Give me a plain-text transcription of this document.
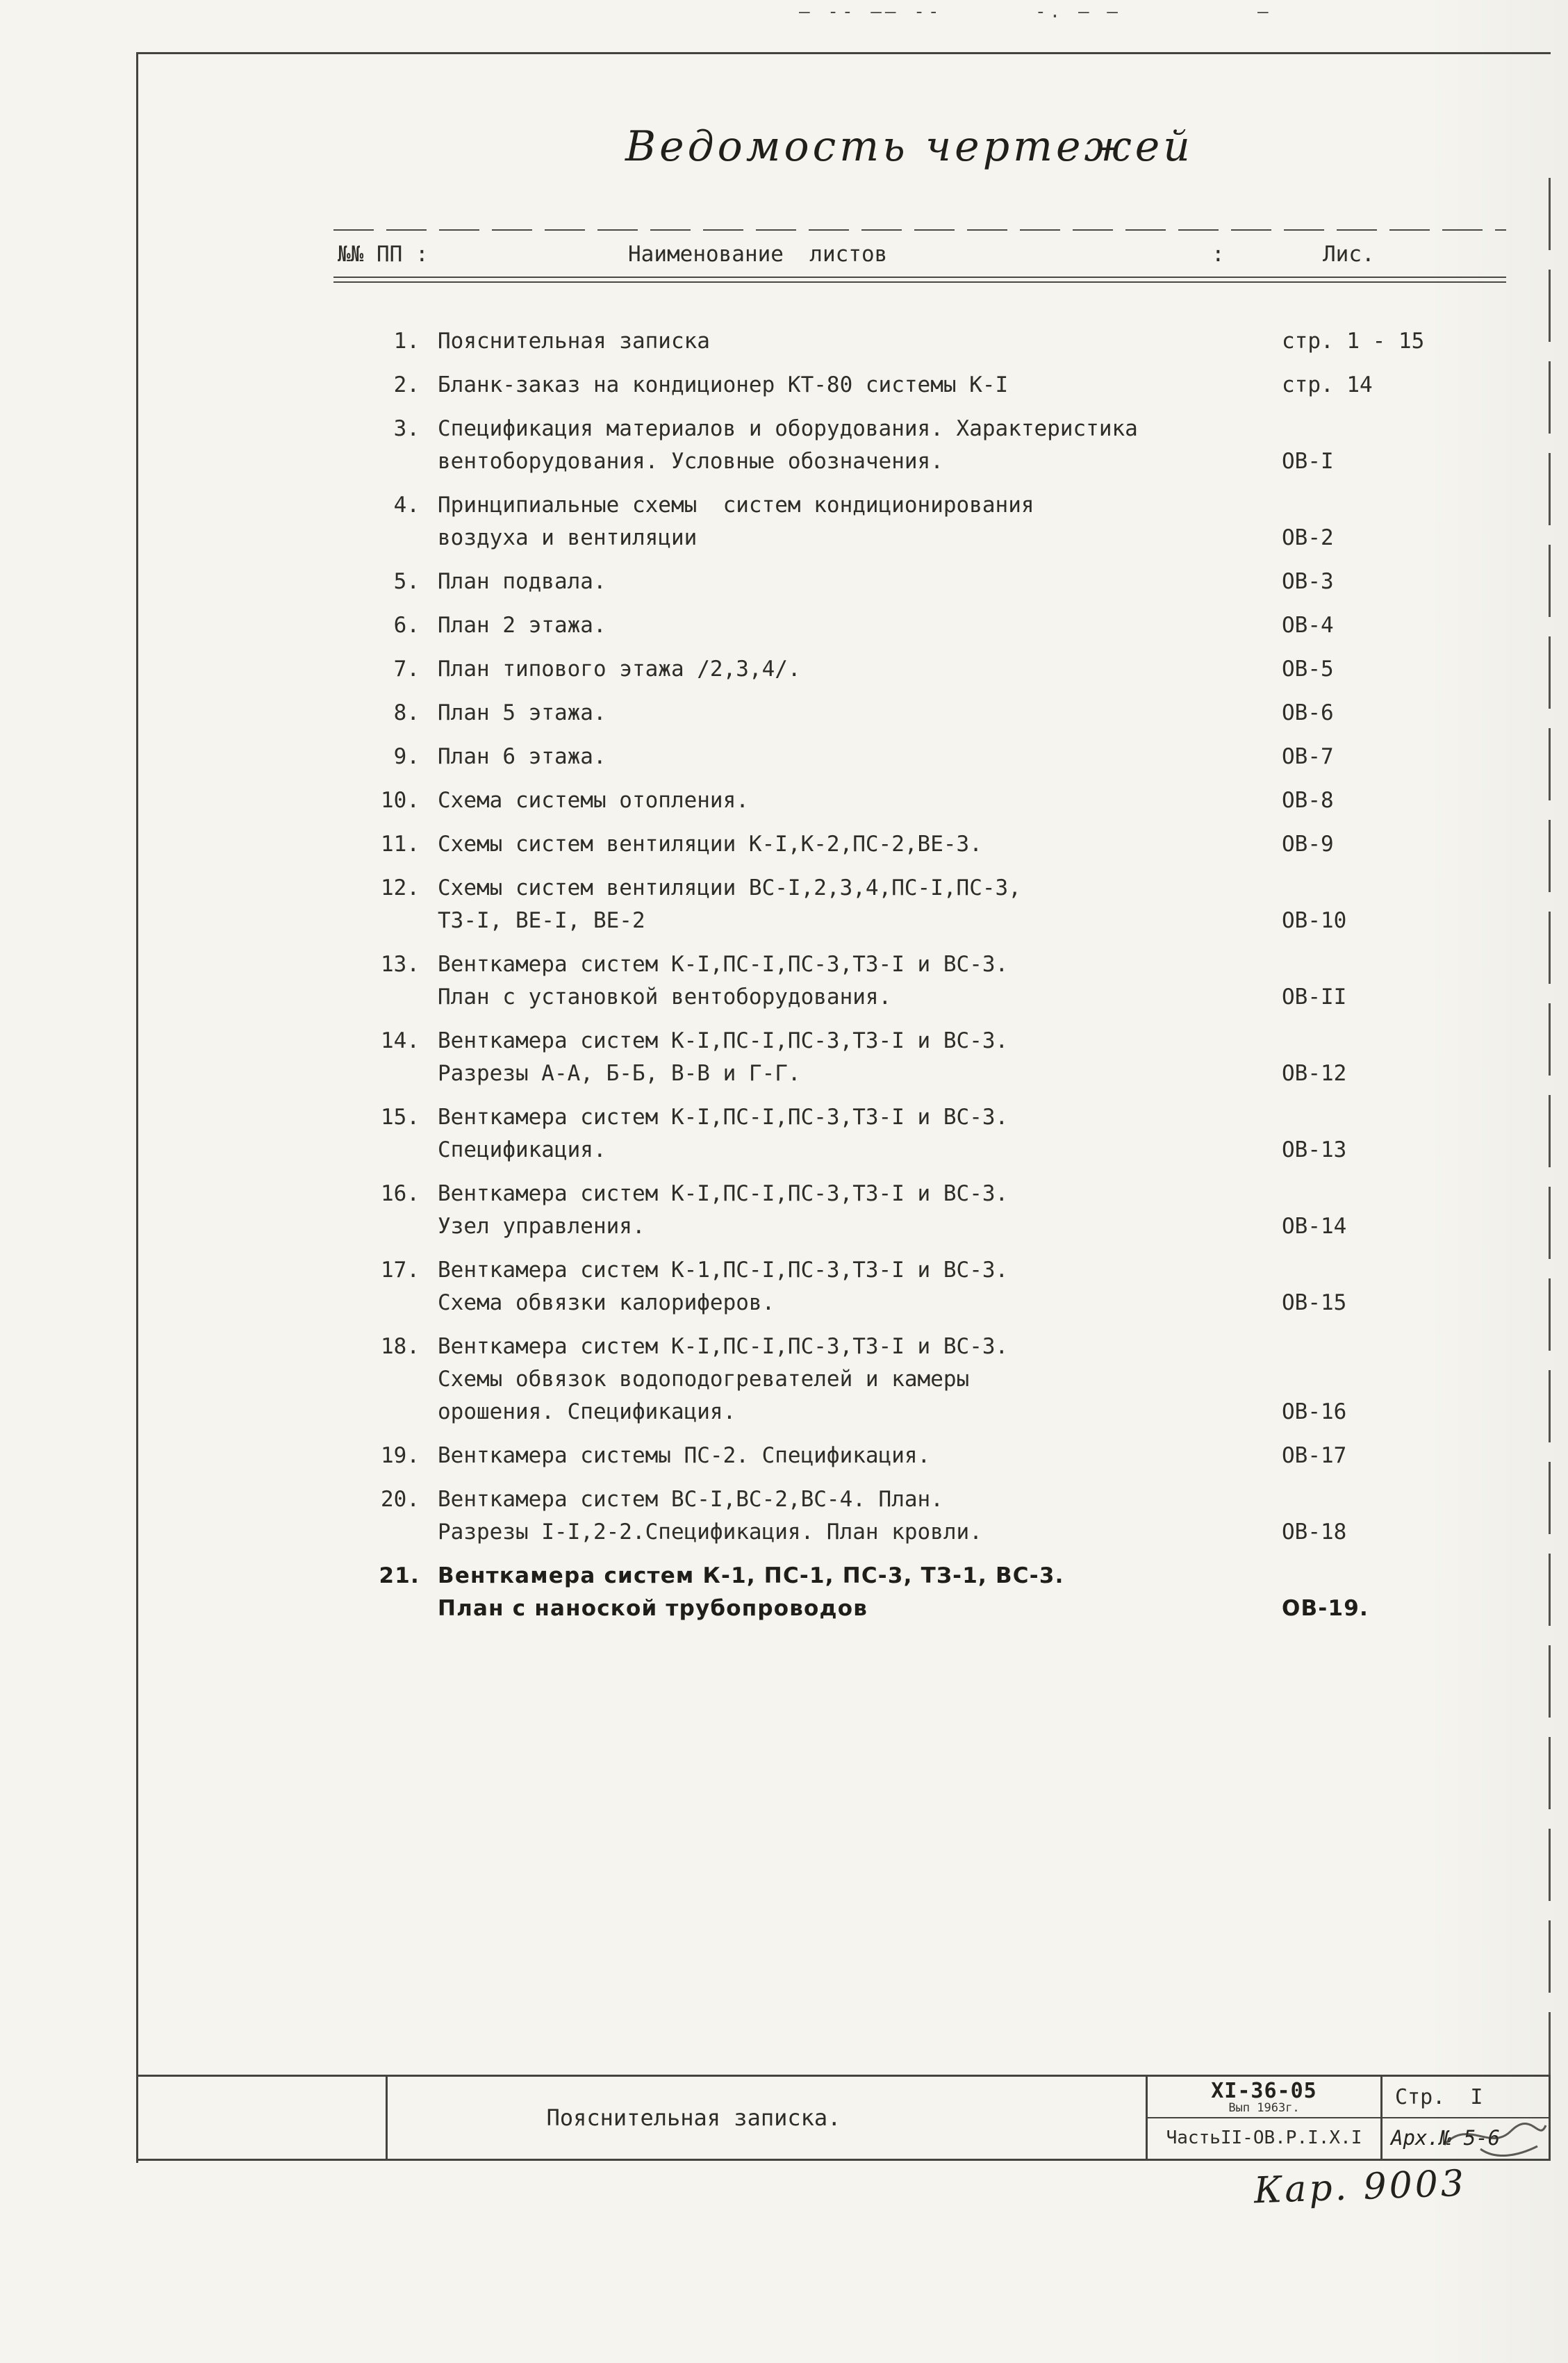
— -- —— --	-. — —	—
Ведомость чертежей
№№ ПП :	Наименование  листов	:	Лис.
1. Пояснительная записка	стр. 1 - 15
2. Бланк-заказ на кондиционер КТ-80 системы К-I	стр. 14
3. Спецификация материалов и оборудования. Характеристика
вентоборудования. Условные обозначения.	ОВ-I
4. Принципиальные схемы  систем кондиционирования
воздуха и вентиляции	ОВ-2
5. План подвала.	ОВ-3
6. План 2 этажа.	ОВ-4
7. План типового этажа /2,3,4/.	ОВ-5
8. План 5 этажа.	ОВ-6
9. План 6 этажа.	ОВ-7
10. Схема системы отопления.	ОВ-8
11. Схемы систем вентиляции К-I,К-2,ПС-2,ВЕ-3.	ОВ-9
12. Схемы систем вентиляции ВС-I,2,3,4,ПС-I,ПС-3,
ТЗ-I, ВЕ-I, ВЕ-2	ОВ-10
13. Венткамера систем К-I,ПС-I,ПС-3,ТЗ-I и ВС-3.
План с установкой вентоборудования.	ОВ-II
14. Венткамера систем К-I,ПС-I,ПС-3,ТЗ-I и ВС-3.
Разрезы А-А, Б-Б, В-В и Г-Г.	ОВ-12
15. Венткамера систем К-I,ПС-I,ПС-3,ТЗ-I и ВС-3.
Спецификация.	ОВ-13
16. Венткамера систем К-I,ПС-I,ПС-3,ТЗ-I и ВС-3.
Узел управления.	ОВ-14
17. Венткамера систем К-1,ПС-I,ПС-3,ТЗ-I и ВС-3.
Схема обвязки калориферов.	ОВ-15
18. Венткамера систем К-I,ПС-I,ПС-3,ТЗ-I и ВС-3.
Схемы обвязок водоподогревателей и камеры
орошения. Спецификация.	ОВ-16
19. Венткамера системы ПС-2. Спецификация.	ОВ-17
20. Венткамера систем ВС-I,ВС-2,ВС-4. План.
Разрезы I-I,2-2.Спецификация. План кровли.	ОВ-18
21. Венткамера систем К-1, ПС-1, ПС-3, ТЗ-1, ВС-3.
План с наноской трубопроводов	ОВ-19.
Пояснительная записка.
XI-36-05
Вып 1963г.
ЧастьII-ОВ.Р.I.Х.I
Стр.  I
Арх.№ 5-6
Кар. 9003
